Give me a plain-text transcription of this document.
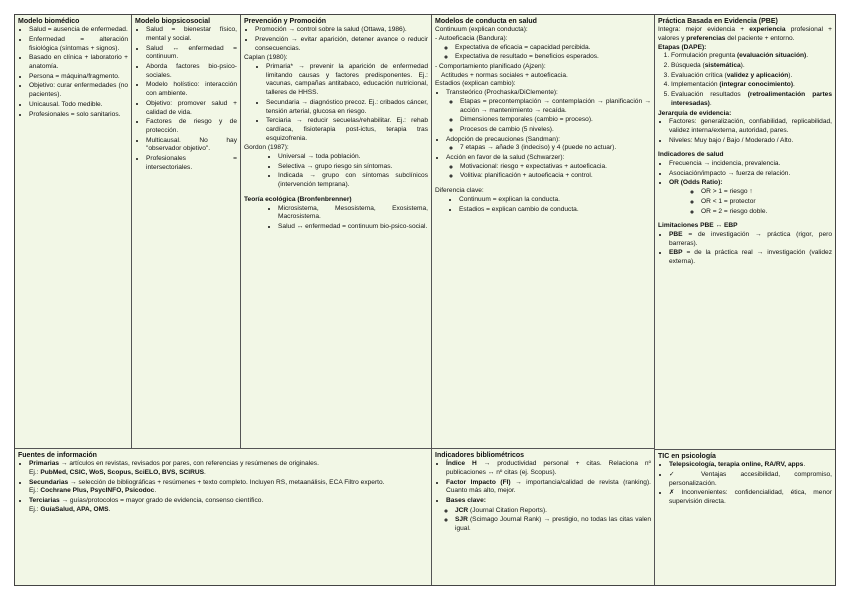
Modelo biomédico
• Salud = ausencia de enfermedad.
• Enfermedad = alteración fisiológica (síntomas + signos).
• Basado en clínica + laboratorio + anatomía.
• Persona = máquina/fragmento.
• Objetivo: curar enfermedades (no pacientes).
• Unicausal. Todo medible.
• Profesionales = solo sanitarios.
Modelo biopsicosocial
• Salud = bienestar físico, mental y social.
• Salud ↔ enfermedad = continuum.
• Aborda factores bio-psico-sociales.
• Modelo holístico: interacción con ambiente.
• Objetivo: promover salud + calidad de vida.
• Factores de riesgo y de protección.
• Multicausal. No hay "observador objetivo".
• Profesionales = intersectoriales.
Prevención y Promoción
• Promoción → control sobre la salud (Ottawa, 1986).
• Prevención → evitar aparición, detener avance o reducir consecuencias.
Caplan (1980):
• Primaria* → prevenir la aparición de enfermedad limitando causas y factores predisponentes. Ej.: vacunas, campañas antitabaco, educación nutricional, talleres de HHSS.
• Secundaria → diagnóstico precoz. Ej.: cribados cáncer, tensión arterial, glucosa en riesgo.
• Terciaria → reducir secuelas/rehabilitar. Ej.: rehab cardíaca, fisioterapia post-ictus, terapia tras esquizofrenia.
Gordon (1987):
• Universal → toda población.
• Selectiva → grupo riesgo sin síntomas.
• Indicada → grupo con síntomas subclínicos (intervención temprana).
Teoría ecológica (Bronfenbrenner)
• Microsistema, Mesosistema, Exosistema, Macrosistema.
• Salud ↔ enfermedad = continuum bio-psico-social.
Modelos de conducta en salud
Continuum (explican conducta):
- Autoeficacia (Bandura):
◦ Expectativa de eficacia = capacidad percibida.
◦ Expectativa de resultado = beneficios esperados.
- Comportamiento planificado (Ajzen):
Actitudes + normas sociales + autoeficacia.
Estadios (explican cambio):
• Transteórico (Prochaska/DiClemente):
◦ Etapas = precontemplación → contemplación → planificación → acción → mantenimiento → recaída.
◦ Dimensiones temporales (cambio = proceso).
◦ Procesos de cambio (5 niveles).
• Adopción de precauciones (Sandman):
◦ 7 etapas → añade 3 (indeciso) y 4 (puede no actuar).
• Acción en favor de la salud (Schwarzer):
◦ Motivacional: riesgo + expectativas + autoeficacia.
◦ Volitiva: planificación + autoeficacia + control.
Diferencia clave:
• Continuum = explican la conducta.
• Estadios = explican cambio de conducta.
Práctica Basada en Evidencia (PBE)
Integra: mejor evidencia + experiencia profesional + valores y preferencias del paciente + entorno.
Etapas (DAPE):
1. Formulación pregunta (evaluación situación).
2. Búsqueda (sistemática).
3. Evaluación crítica (validez y aplicación).
4. Implementación (integrar conocimiento).
5. Evaluación resultados (retroalimentación partes interesadas).
Jerarquía de evidencia:
• Factores: generalización, confiabilidad, replicabilidad, validez interna/externa, autoridad, pares.
• Niveles: Muy bajo / Bajo / Moderado / Alto.
Indicadores de salud
• Frecuencia → incidencia, prevalencia.
• Asociación/impacto → fuerza de relación.
• OR (Odds Ratio):
◦ OR > 1 = riesgo ↑
◦ OR < 1 = protector
◦ OR = 2 = riesgo doble.
Limitaciones PBE ↔ EBP
• PBE = de investigación → práctica (rigor, pero barreras).
• EBP = de la práctica real → investigación (validez externa).
Fuentes de información
• Primarias → artículos en revistas, revisados por pares, con referencias y resúmenes de originales.
Ej.: PubMed, CSIC, WoS, Scopus, SciELO, BVS, SCIRUS.
• Secundarias → selección de bibliográficas + resúmenes + texto completo. Incluyen RS, metaanálisis, ECA Filtro experto.
Ej.: Cochrane Plus, PsycINFO, Psicodoc.
• Terciarias → guías/protocolos = mayor grado de evidencia, consenso científico.
Ej.: GuíaSalud, APA, OMS.
Indicadores bibliométricos
• Índice H → productividad personal + citas. Relaciona nº publicaciones ↔ nº citas (ej. Scopus).
• Factor Impacto (FI) → importancia/calidad de revista (ranking). Cuanto más alto, mejor.
• Bases clave:
◦ JCR (Journal Citation Reports).
◦ SJR (Scimago Journal Rank) → prestigio, no todas las citas valen igual.
TIC en psicología
• Telepsicología, terapia online, RA/RV, apps.
• ✓ Ventajas accesibilidad, compromiso, personalización.
• ✗ Inconvenientes: confidencialidad, ética, menor supervisión directa.
